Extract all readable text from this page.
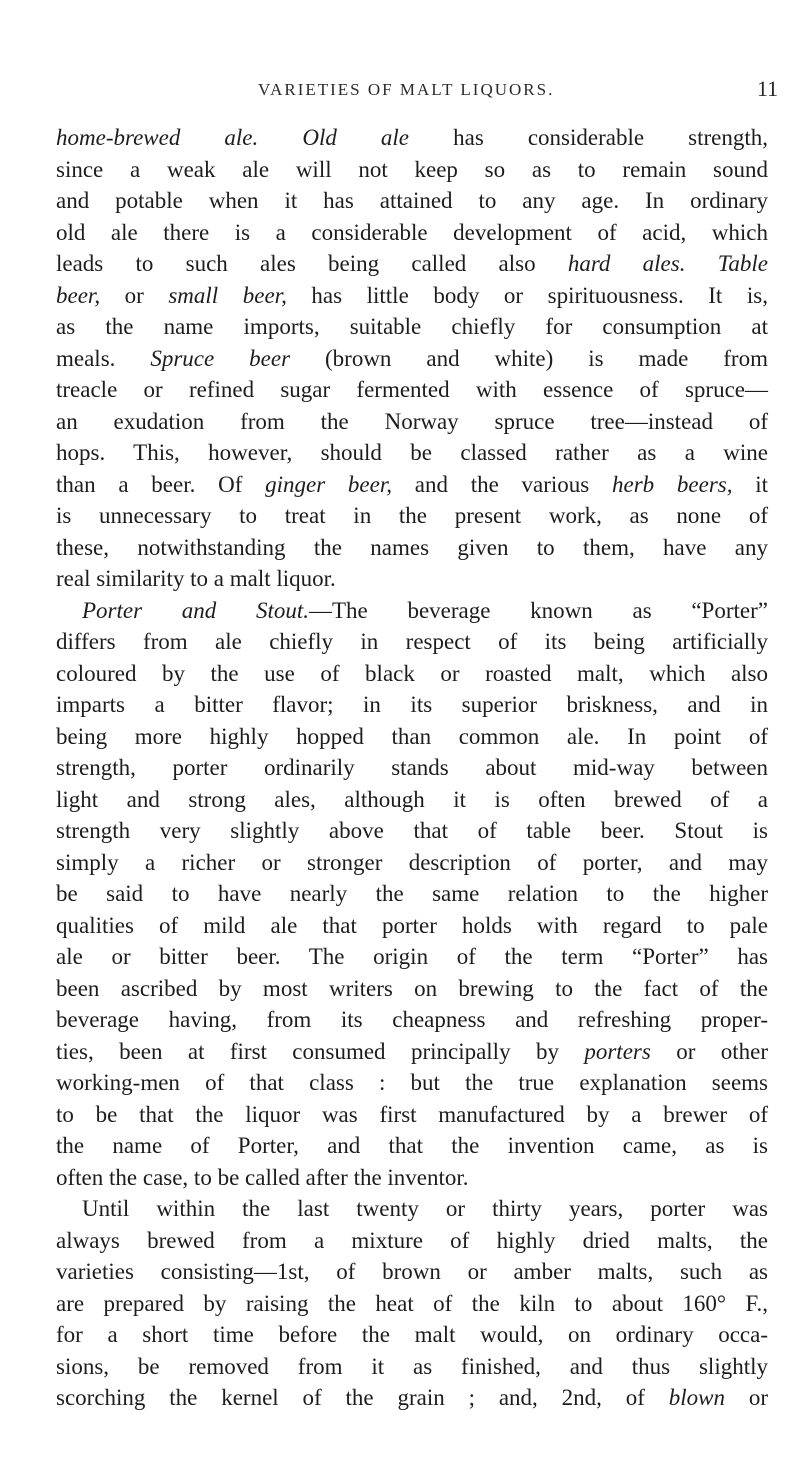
VARIETIES OF MALT LIQUORS.	11
home-brewed ale. Old ale has considerable strength,
since a weak ale will not keep so as to remain sound
and potable when it has attained to any age. In ordinary
old ale there is a considerable development of acid, which
leads to such ales being called also hard ales. Table
beer, or small beer, has little body or spirituousness. It is,
as the name imports, suitable chiefly for consumption at
meals. Spruce beer (brown and white) is made from
treacle or refined sugar fermented with essence of spruce—
an exudation from the Norway spruce tree—instead of
hops. This, however, should be classed rather as a wine
than a beer. Of ginger beer, and the various herb beers, it
is unnecessary to treat in the present work, as none of
these, notwithstanding the names given to them, have any
real similarity to a malt liquor.
Porter and Stout.—The beverage known as “Porter”
differs from ale chiefly in respect of its being artificially
coloured by the use of black or roasted malt, which also
imparts a bitter flavor; in its superior briskness, and in
being more highly hopped than common ale. In point of
strength, porter ordinarily stands about mid-way between
light and strong ales, although it is often brewed of a
strength very slightly above that of table beer. Stout is
simply a richer or stronger description of porter, and may
be said to have nearly the same relation to the higher
qualities of mild ale that porter holds with regard to pale
ale or bitter beer. The origin of the term “Porter” has
been ascribed by most writers on brewing to the fact of the
beverage having, from its cheapness and refreshing proper-
ties, been at first consumed principally by porters or other
working-men of that class : but the true explanation seems
to be that the liquor was first manufactured by a brewer of
the name of Porter, and that the invention came, as is
often the case, to be called after the inventor.
Until within the last twenty or thirty years, porter was
always brewed from a mixture of highly dried malts, the
varieties consisting—1st, of brown or amber malts, such as
are prepared by raising the heat of the kiln to about 160° F.,
for a short time before the malt would, on ordinary occa-
sions, be removed from it as finished, and thus slightly
scorching the kernel of the grain ; and, 2nd, of blown or
